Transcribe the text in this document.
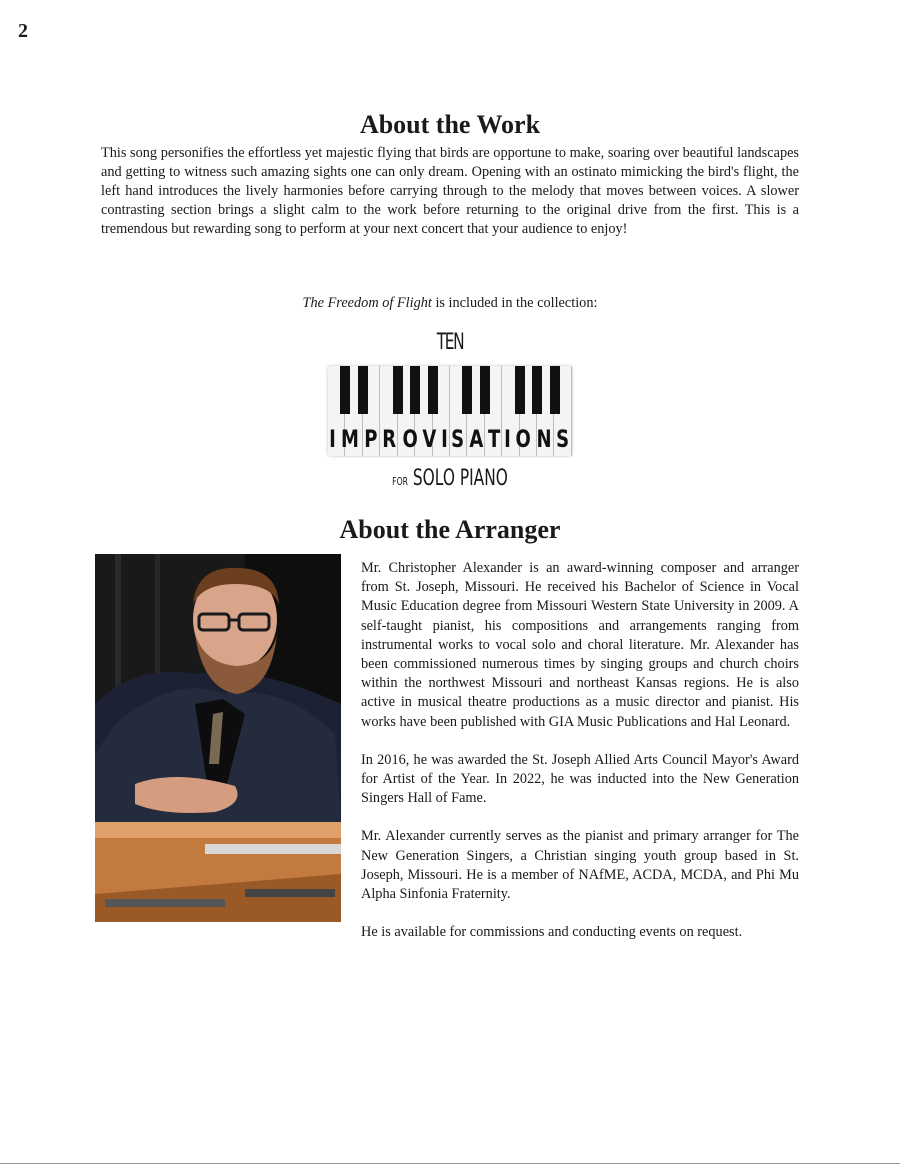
2
About the Work

This song personifies the effortless yet majestic flying that birds are opportune to make, soaring over beautiful landscapes and getting to witness such amazing sights one can only dream. Opening with an ostinato mimicking the bird's flight, the left hand introduces the lively harmonies before carrying through to the melody that moves between voices. A slower contrasting section brings a slight calm to the work before returning to the original drive from the first. This is a tremendous but rewarding song to perform at your next concert that your audience to enjoy!

The Freedom of Flight is included in the collection:
TEN
I M P R O V I S A T I O N S
FOR SOLO PIANO
About the Arranger

Mr. Christopher Alexander is an award-winning composer and arranger from St. Joseph, Missouri. He received his Bachelor of Science in Vocal Music Education degree from Missouri Western State University in 2009. A self-taught pianist, his compositions and arrangements ranging from instrumental works to vocal solo and choral literature. Mr. Alexander has been commissioned numerous times by singing groups and church choirs within the northwest Missouri and northeast Kansas regions. He is also active in musical theatre productions as a music director and pianist. His works have been published with GIA Music Publications and Hal Leonard.

In 2016, he was awarded the St. Joseph Allied Arts Council Mayor's Award for Artist of the Year. In 2022, he was inducted into the New Generation Singers Hall of Fame.

Mr. Alexander currently serves as the pianist and primary arranger for The New Generation Singers, a Christian singing youth group based in St. Joseph, Missouri. He is a member of NAfME, ACDA, MCDA, and Phi Mu Alpha Sinfonia Fraternity.

He is available for commissions and conducting events on request.
